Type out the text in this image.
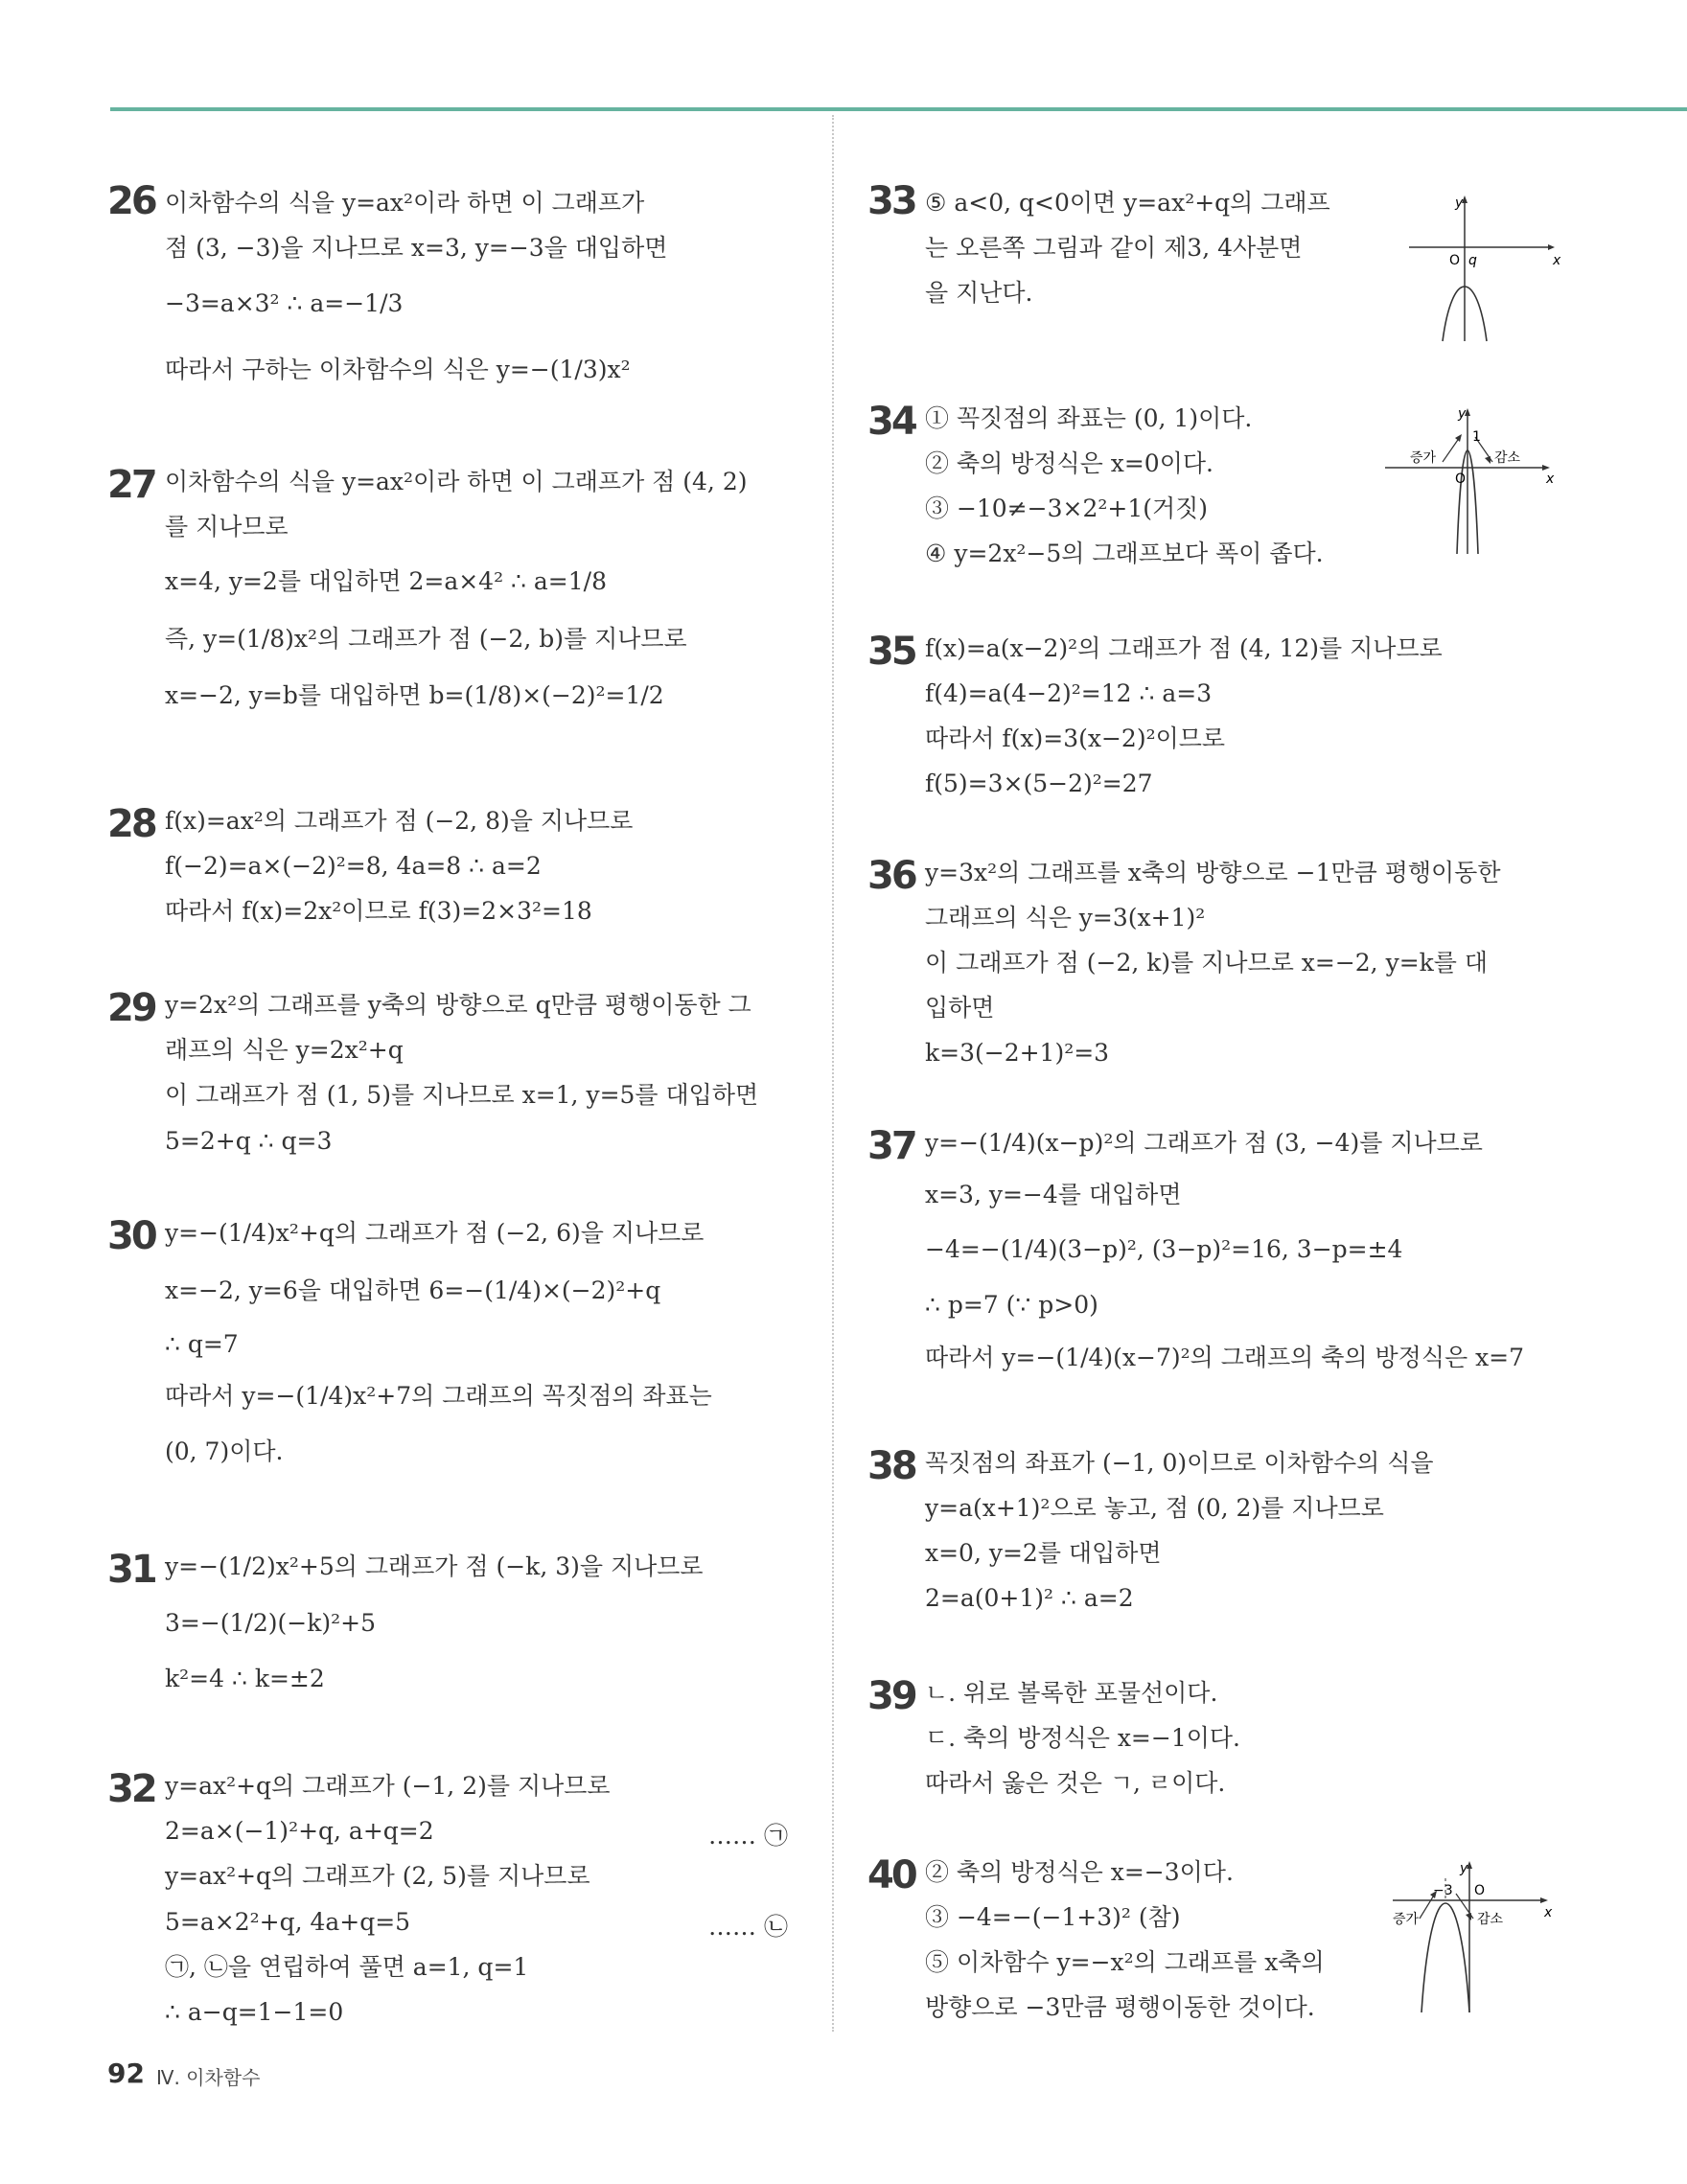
26 이차함수의 식을 y=ax²이라 하면 이 그래프가
점 (3, −3)을 지나므로 x=3, y=−3을 대입하면
−3=a×3² ∴ a=−1/3
따라서 구하는 이차함수의 식은 y=−(1/3)x²
27 이차함수의 식을 y=ax²이라 하면 이 그래프가 점 (4, 2)
를 지나므로
x=4, y=2를 대입하면 2=a×4² ∴ a=1/8
즉, y=(1/8)x²의 그래프가 점 (−2, b)를 지나므로
x=−2, y=b를 대입하면 b=(1/8)×(−2)²=1/2
28 f(x)=ax²의 그래프가 점 (−2, 8)을 지나므로
f(−2)=a×(−2)²=8, 4a=8 ∴ a=2
따라서 f(x)=2x²이므로 f(3)=2×3²=18
29 y=2x²의 그래프를 y축의 방향으로 q만큼 평행이동한 그
래프의 식은 y=2x²+q
이 그래프가 점 (1, 5)를 지나므로 x=1, y=5를 대입하면
5=2+q ∴ q=3
30 y=−(1/4)x²+q의 그래프가 점 (−2, 6)을 지나므로
x=−2, y=6을 대입하면 6=−(1/4)×(−2)²+q
∴ q=7
따라서 y=−(1/4)x²+7의 그래프의 꼭짓점의 좌표는
(0, 7)이다.
31 y=−(1/2)x²+5의 그래프가 점 (−k, 3)을 지나므로
3=−(1/2)(−k)²+5
k²=4 ∴ k=±2
32 y=ax²+q의 그래프가 (−1, 2)를 지나므로
2=a×(−1)²+q, a+q=2	…… ㉠
y=ax²+q의 그래프가 (2, 5)를 지나므로
5=a×2²+q, 4a+q=5	…… ㉡
㉠, ㉡을 연립하여 풀면 a=1, q=1
∴ a−q=1−1=0
33 ⑤ a<0, q<0이면 y=ax²+q의 그래프
는 오른쪽 그림과 같이 제3, 4사분면
을 지난다.
y
x
O q
34 ① 꼭짓점의 좌표는 (0, 1)이다.
② 축의 방정식은 x=0이다.
③ −10≠−3×2²+1(거짓)
④ y=2x²−5의 그래프보다 폭이 좁다.
y
x
O
1
증가	감소
35 f(x)=a(x−2)²의 그래프가 점 (4, 12)를 지나므로
f(4)=a(4−2)²=12 ∴ a=3
따라서 f(x)=3(x−2)²이므로
f(5)=3×(5−2)²=27
36 y=3x²의 그래프를 x축의 방향으로 −1만큼 평행이동한
그래프의 식은 y=3(x+1)²
이 그래프가 점 (−2, k)를 지나므로 x=−2, y=k를 대
입하면
k=3(−2+1)²=3
37 y=−(1/4)(x−p)²의 그래프가 점 (3, −4)를 지나므로
x=3, y=−4를 대입하면
−4=−(1/4)(3−p)², (3−p)²=16, 3−p=±4
∴ p=7 (∵ p>0)
따라서 y=−(1/4)(x−7)²의 그래프의 축의 방정식은 x=7
38 꼭짓점의 좌표가 (−1, 0)이므로 이차함수의 식을
y=a(x+1)²으로 놓고, 점 (0, 2)를 지나므로
x=0, y=2를 대입하면
2=a(0+1)² ∴ a=2
39 ㄴ. 위로 볼록한 포물선이다.
ㄷ. 축의 방정식은 x=−1이다.
따라서 옳은 것은 ㄱ, ㄹ이다.
40 ② 축의 방정식은 x=−3이다.
③ −4=−(−1+3)² (참)
⑤ 이차함수 y=−x²의 그래프를 x축의
방향으로 −3만큼 평행이동한 것이다.
y
x
O
−3
증가	감소
92 Ⅳ. 이차함수
